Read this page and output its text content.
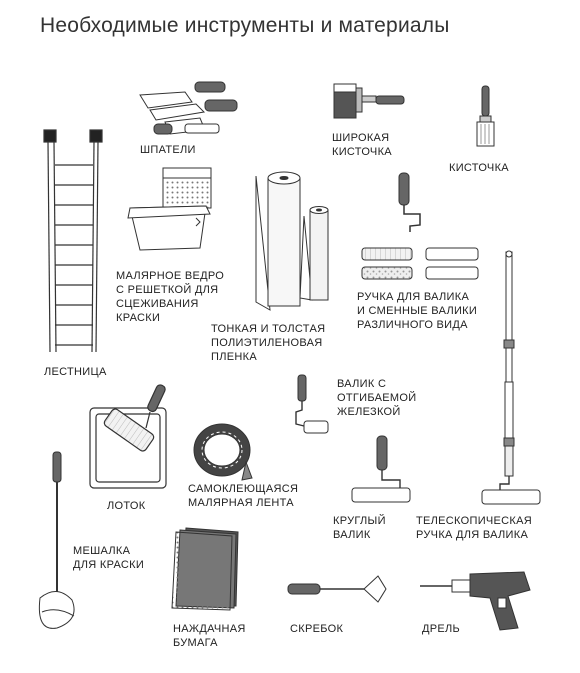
Необходимые инструменты и материалы
ШПАТЕЛИ
ШИРОКАЯ
КИСТОЧКА
КИСТОЧКА
ЛЕСТНИЦА
МАЛЯРНОЕ ВЕДРО
С РЕШЕТКОЙ ДЛЯ
СЦЕЖИВАНИЯ
КРАСКИ
ТОНКАЯ И ТОЛСТАЯ
ПОЛИЭТИЛЕНОВАЯ
ПЛЕНКА
РУЧКА ДЛЯ ВАЛИКА
И СМЕННЫЕ ВАЛИКИ
РАЗЛИЧНОГО ВИДА
ВАЛИК С
ОТГИБАЕМОЙ
ЖЕЛЕЗКОЙ
ЛОТОК
САМОКЛЕЮЩАЯСЯ
МАЛЯРНАЯ ЛЕНТА
КРУГЛЫЙ
ВАЛИК
ТЕЛЕСКОПИЧЕСКАЯ
РУЧКА ДЛЯ ВАЛИКА
МЕШАЛКА
ДЛЯ КРАСКИ
НАЖДАЧНАЯ
БУМАГА
СКРЕБОК	ДРЕЛЬ
